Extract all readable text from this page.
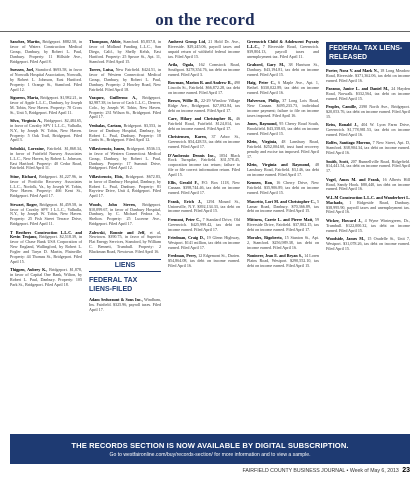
on the record

Sanchez, Martin, Bridgeport. $882.50, in favor of Waters Construction Medical Group, Danbury, by Robert L. Paul, Danbury. Property: 11 Hillside Ave., Bridgeport. Filed April 8.

Suessen, Joel, Stamford. $693.58, in favor of Norwalk Hospital Association, Norwalk, by Robert L. Johnson, East Hartford. Property: 1 Orange St., Stamford. Filed April 12.

Sigueros, Maria, Bridgeport. $1,982.21, in favor of Apple L.L.C., Danbury, by Joseph M. Tobin, New Haven. Property: 70 Cross St., Unit 5, Bridgeport. Filed April 11.

Silva, Virginia A., Bridgeport. $2,484.65, in favor of Cavalry SPV I L.L.C., Valhalla, N.Y., by Joseph W. Tobin, New Haven. Property: 5 Oak Trail, Bridgeport. Filed April 3.

Sobolski, Lorraine, Fairfield. $1,868.34, in favor of Fairfield Nursery Associates L.L.C., New Haven, by Robert L. Johnson, East Hartford. Property: 40 Cedar Road, Fairfield. Filed April 11.

Stine, Richard, Bridgeport. $1,227.96, in favor of Portfolio Recovery Associates L.L.C., Norfolk, Va., by Joseph W. Tobin, New Haven. Property: 466 Kent St., Bridgeport. Filed April 17.

Stewart, Roger, Bridgeport. $1,459.58, in favor of Cavalry SPV I L.L.C., Valhalla, N.Y., by Joseph W. Tobin, New Haven. Property: 25 Fish Street Terrace Drive, Bridgeport. Filed April 11.

T Brothers Construction L.L.C. and Kevin Trujano, Bridgeport. $2,518.39, in favor of Chase Bank USA Corporation of New England, Wallingford, by Robert L. Fogler and Taryn D. Martin, Plainville. Property: 44 Thomas St., Bridgeport. Filed April 15.

Thigpen, Aubrey K., Bridgeport. $1,878, in favor of Capital One Bank, Wilton, by Robert L. Paul, Danbury. Property: 105 Park St., Bridgeport. Filed April 18.

Thompson, Abbie, Stamford. $5,857.8, in favor of Midland Funding L.L.C., San Diego, Calif., by Shelly Kelsh, East Hartford. Property: 25 Spruce St., Apt. 11, Stamford. Filed April 15.

Torres, Luisa, New Fairfield. $424.51, in favor of Western Connecticut Medical Group, Danbury, by Robert L. Paul, Danbury. Property: 2 Howley Road, New Fairfield. Filed April 18.

Vazquez, Guillermo A., Bridgeport. $2,987.38, in favor of Cach L.L.C., Denver, Colo., by Joseph W. Tobin, New Haven. Property: 231 Wilson St., Bridgeport. Filed April 17.

Venbalas, Cartam, Bridgeport. $3,553, in favor of Danbury Hospital, Danbury, by Robert L. Paul, Danbury. Property: 18 Curtis St., Bridgeport. Filed April 12.

Villavicencio, Ismeo, Bridgeport. $536.13, in favor of Western Connecticut Medical Group, Danbury, by Robert L. Paul, Danbury. Property: 17 Summit Drive, Bridgeport. Filed April 12.

Villavicencio, Ebis, Bridgeport. $672.83, in favor of Danbury Hospital, Danbury, by Robert L. Paul, Danbury. Property: 81 Rayview Drive, Unit 4, Bridgeport. Filed April 17.

Woods, John Steven, Bridgeport. $10,099.67, in favor of Danbury Hospital, Danbury, by C. Michael Fedora Jr., Shelton. Property: 25 Lucerne Ave., Bridgeport. Filed April 17.

Zalewski, Ronnie and Jeff, et al, Newtown. $390.75, in favor of Superior Flat Energy Services, Stamford, by William C. Bennett, Trumbull. Property: 2 Blackman Road, Newtown. Filed April 16.

LIENS
FEDERAL TAX LIENS-FILED

Adam Seduraunt & Sons Inc., Windham, Ins. Fairfield. $325.96, payroll taxes. Filed April 17.

Amherst Group Ltd, 21 Hold Dr. Ave., Riverside. $29,245.06, payroll taxes and unpaid return of withheld federal income tax. Filed April 15.

Avila, Ogala, 162 Comstock Road, Southport. $278,354.76, tax debt on income earned. Filed April 3.

Bowman, Marion R. and Andrew R., 490 Lincoln St., Fairfield. $66,872.28, tax debt on income earned. Filed April 17.

Brown, Willie D., 22-29 Winslow Village Ridge Ave., Bridgeport. $27,092.84, tax debt on income earned. Filed April 17.

Care, Hilary and Christopher R., 46 Fairfield Road, Fairfield. $124,014, tax debt on income earned. Filed April 17.

Christensen, Karen, 37 Arbor St., Greenwich. $54,428.53, tax debt on income earned. Filed April 17.

D'Ambrosio Dennis Inc., 1054 Black Rock Turnpike, Fairfield. $31,578.45, corporation income tax return; failure to file or file correct information return. Filed April 15.

Ellis, Gerald F., P.O. Box 1118, New Canaan. $398,744.46, tax debt on income earned. Filed April 17.

Frank, Erich J., 1294 Mound St., Unionville, N.Y. $392,134.33, tax debt on income earned. Filed April 15.

Fremont, Peter C., 7 Standard Drive, Old Greenwich. $425,999.42, tax debt on income earned. Filed April 17.

Friedman, Craig D., 19 Glenn Highway, Westport. $141 million, tax debt on income earned. Filed April 17.

Fredman, Perry, 12 Edgemont St., Darien. $54,864.08, tax debt on income earned. Filed April 16.

Greenwich Child & Adolescent Psycaty L.L.C., 7 Riverside Road, Greenwich. $39,804.13, payroll taxes and unemployment tax. Filed April 11.

Grahord, Gary M., 38 Harrison St., Danbury. $43,194.81, tax debt on income earned. Filed April 15.

Haig, Peter C., 6 Maple Ave., Apt. 1, Bethel. $330,022.89, tax debt on income earned. Filed April 16.

Halverson, Philip, 37 Long Lots Road, New Canaan. $495,233.73, individual income payment; failure to file on income taxes imposed. Filed April 16.

Jones, Raymond, 95 Cherry Road South, Brookfield. $43,358.65, tax debt on income earned. Filed April 15.

Klein, Virginia, 48 Lansbury Road, Fairfield. $252,004.60, trust fund recovery penalty and excise tax imposed. Filed April 17.

Klein, Virginia and Raymond, 48 Lansbury Road, Fairfield. $3,146, tax debt on income earned. Filed April 17.

Kennen, Ron, 16 Cherry Drive, New Fairfield. $35,906.89, tax debt on income earned. Filed April 15.

Mascetto, Lori M. and Christopher C., 5 Lamar Road, Danbury. $70,366.89, tax debt on income earned. Filed April 15.

Mittness, Carrie L. and Pierre Matt, 59 Riverside Drive, Fairfield. $37,802.15, tax debt on income earned. Filed April 17.

Morales, Rigoberto, 15 Stanton St., Apt. 2, Stamford. $256,989.38, tax debt on income earned. Filed April 16.

Noninver, Jean E. and Bryan S., 14 Loren Plains Road, Westport. $290,552.10, tax debt on income earned. Filed April 15.

FEDERAL TAX LIENS-RELEASED

Porter, Nora V. and Mark N., 18 Long Meadow Road, Riverside. $371,362.06, tax debt on income earned. Filed April 16.

Paramo, Janice L. and Daniel M., 24 Hayden Road, Norwalk. $332,564, tax debt on income earned. Filed April 15.

Peoples, Camille, 2390 North Ave., Bridgeport. $20,053.76, tax debt on income earned. Filed April 15.

Reiss, Ronald J., 404 W. Lyon Farm Drive, Greenwich. $1,778,981.53, tax debt on income earned. Filed April 16.

Rolfes, Santiago Moreno, 7 New Street, Apt. D, Stamford. $38,904.34, tax debt on income earned. Filed April 16.

Smith, Scott, 207 Bunnellville Road, Ridgefield. $14,441.54, tax debt on income earned. Filed April 17.

Vogel, Amos M. and Frank, 16 Alberts Hill Road, Sandy Hook. $80,440, tax debt on income earned. Filed April 16.

W.L.M Construction L.L.C. and Wanderbert L. Machado, 1 Ridgeside Road, Danbury. $38,995.90, payroll taxes and unemployment tax. Filed April 16.

Wicker, Howard J., 4 Wyne Wintergreen, Dr., Trumbull. $122,000.32, tax debt on income earned. Filed April 15.

Woodside, James M., 15 Oradelle St., Unit 7, Westport. $31,078.26, tax debt on income earned. Filed April 15.

THE RECORDS SECTION IS NOW AVAILABLE BY DIGITAL SUBSCRIPTION.
Go to westfaironline.com/buy/records-section/ for more information and to view a sample.
FAIRFIELD COUNTY BUSINESS JOURNAL • Week of May 6, 2013 23
